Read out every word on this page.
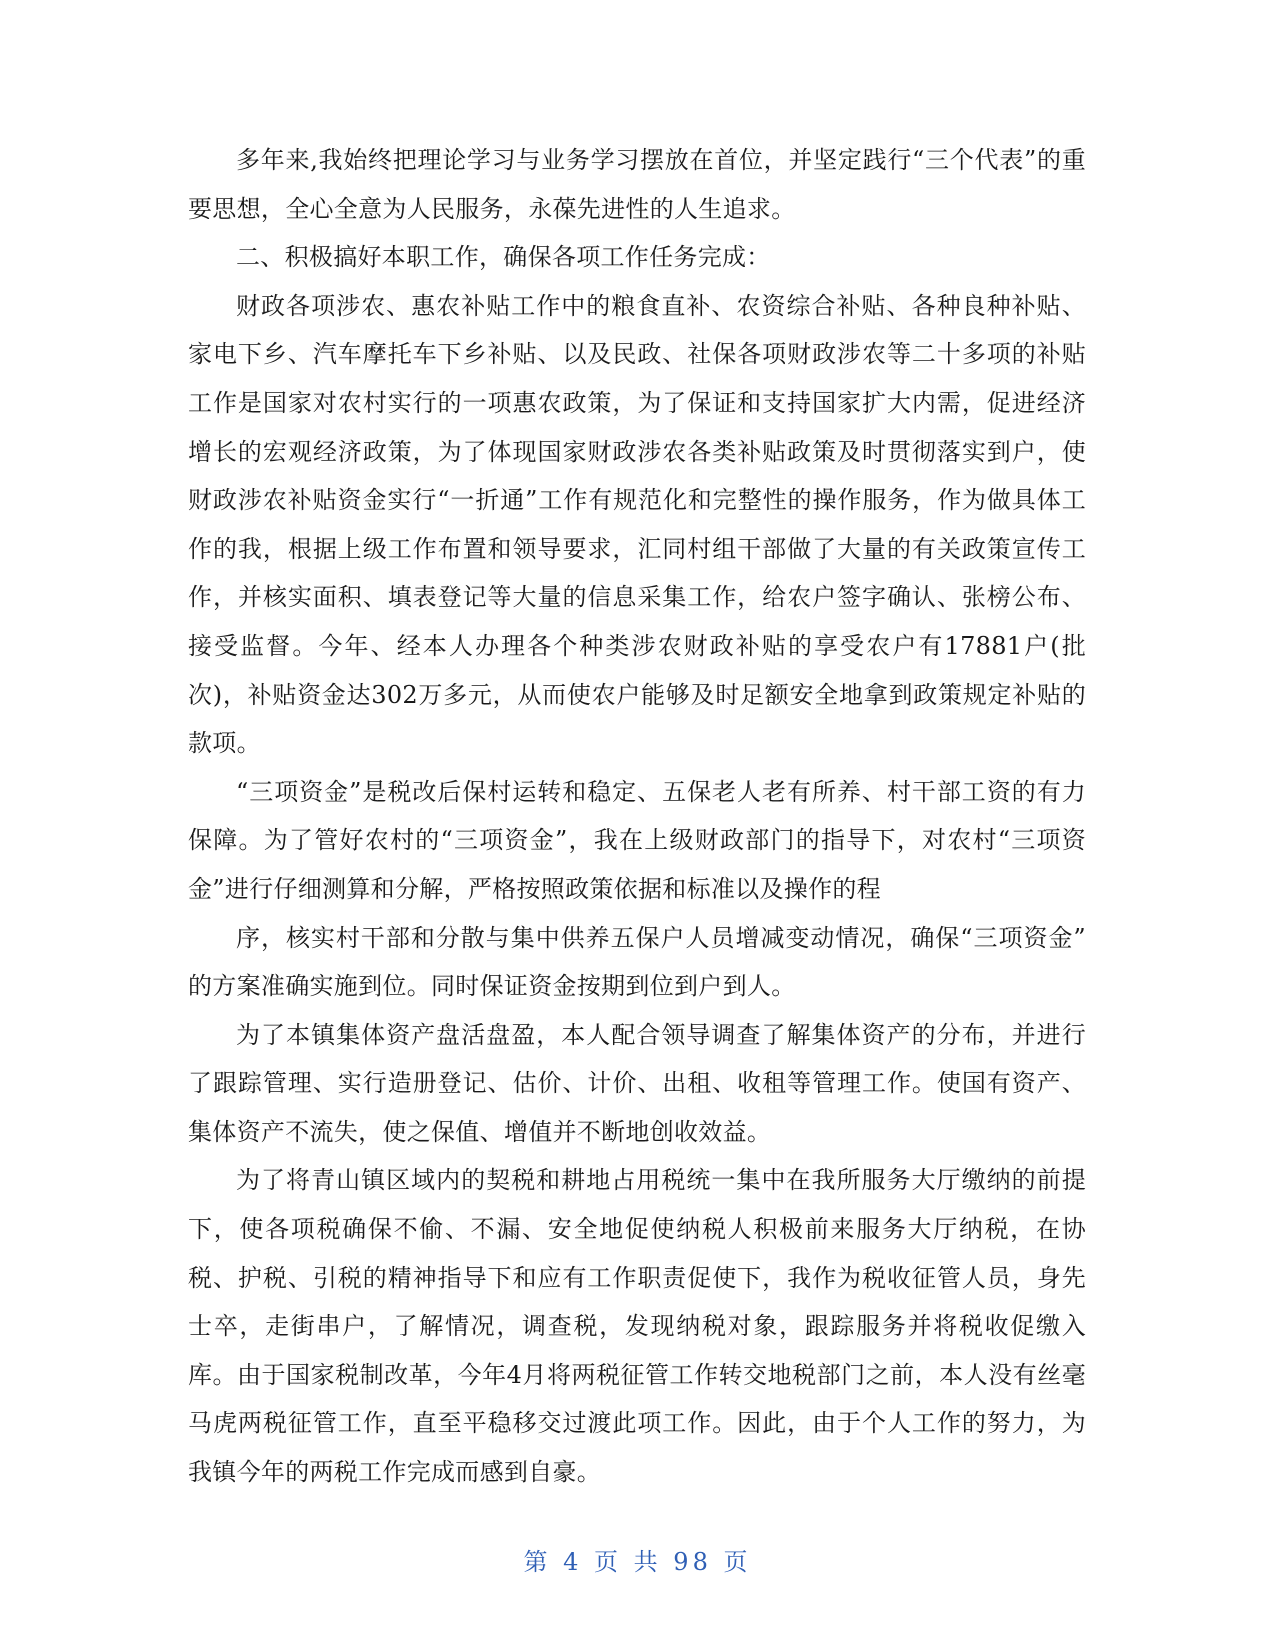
多年来,我始终把理论学习与业务学习摆放在首位，并坚定践行“三个代表”的重要思想，全心全意为人民服务，永葆先进性的人生追求。

二、积极搞好本职工作，确保各项工作任务完成：

财政各项涉农、惠农补贴工作中的粮食直补、农资综合补贴、各种良种补贴、家电下乡、汽车摩托车下乡补贴、以及民政、社保各项财政涉农等二十多项的补贴工作是国家对农村实行的一项惠农政策，为了保证和支持国家扩大内需，促进经济增长的宏观经济政策，为了体现国家财政涉农各类补贴政策及时贯彻落实到户，使财政涉农补贴资金实行“一折通”工作有规范化和完整性的操作服务，作为做具体工作的我，根据上级工作布置和领导要求，汇同村组干部做了大量的有关政策宣传工作，并核实面积、填表登记等大量的信息采集工作，给农户签字确认、张榜公布、接受监督。今年、经本人办理各个种类涉农财政补贴的享受农户有17881户(批次)，补贴资金达302万多元，从而使农户能够及时足额安全地拿到政策规定补贴的款项。

“三项资金”是税改后保村运转和稳定、五保老人老有所养、村干部工资的有力保障。为了管好农村的“三项资金”，我在上级财政部门的指导下，对农村“三项资金”进行仔细测算和分解，严格按照政策依据和标准以及操作的程

序，核实村干部和分散与集中供养五保户人员增减变动情况，确保“三项资金” 的方案准确实施到位。同时保证资金按期到位到户到人。

为了本镇集体资产盘活盘盈，本人配合领导调查了解集体资产的分布，并进行了跟踪管理、实行造册登记、估价、计价、出租、收租等管理工作。使国有资产、集体资产不流失，使之保值、增值并不断地创收效益。

为了将青山镇区域内的契税和耕地占用税统一集中在我所服务大厅缴纳的前提下，使各项税确保不偷、不漏、安全地促使纳税人积极前来服务大厅纳税，在协税、护税、引税的精神指导下和应有工作职责促使下，我作为税收征管人员，身先士卒，走街串户，了解情况，调查税，发现纳税对象，跟踪服务并将税收促缴入库。由于国家税制改革，今年4月将两税征管工作转交地税部门之前，本人没有丝毫马虎两税征管工作，直至平稳移交过渡此项工作。因此，由于个人工作的努力，为我镇今年的两税工作完成而感到自豪。

第 4 页 共 98 页
